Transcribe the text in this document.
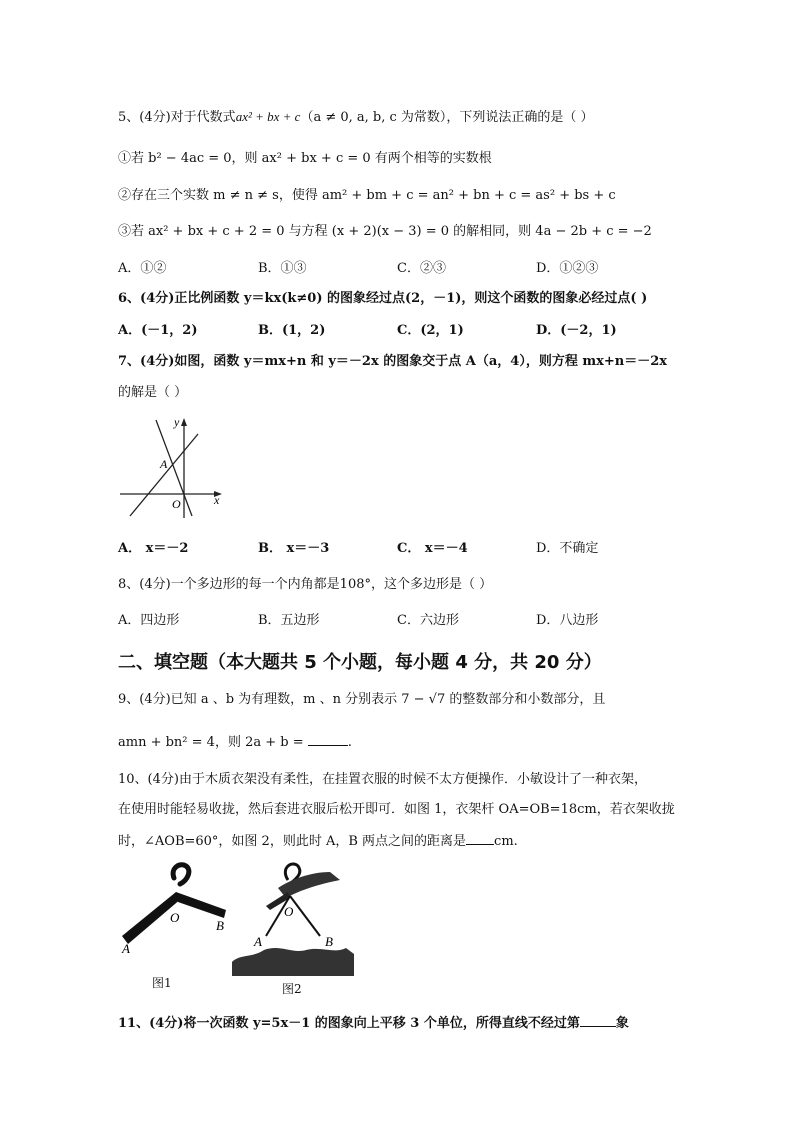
5、(4分)对于代数式ax² + bx + c（a ≠ 0, a, b, c 为常数），下列说法正确的是（ ）
①若 b² − 4ac = 0，则 ax² + bx + c = 0 有两个相等的实数根
②存在三个实数 m ≠ n ≠ s，使得 am² + bm + c = an² + bn + c = as² + bs + c
③若 ax² + bx + c + 2 = 0 与方程 (x + 2)(x − 3) = 0 的解相同，则 4a − 2b + c = −2
A．①②	B．①③	C．②③	D．①②③
6、(4分)正比例函数 y＝kx(k≠0) 的图象经过点(2，－1)，则这个函数的图象必经过点( )
A．(－1，2)	B．(1，2)	C．(2，1)	D．(－2，1)
7、(4分)如图，函数 y＝mx+n 和 y＝－2x 的图象交于点 A（a，4），则方程 mx+n＝－2x
的解是（ ）
y
x
O
A
A． x＝－2	B． x＝－3	C． x＝－4	D．不确定
8、(4分)一个多边形的每一个内角都是108°，这个多边形是（ ）
A．四边形	B．五边形	C．六边形	D．八边形
二、填空题（本大题共 5 个小题，每小题 4 分，共 20 分）
9、(4分)已知 a 、b 为有理数，m 、n 分别表示 7 − √7 的整数部分和小数部分，且
amn + bn² = 4，则 2a + b =	.
10、(4分)由于木质衣架没有柔性，在挂置衣服的时候不太方便操作．小敏设计了一种衣架，
在使用时能轻易收拢，然后套进衣服后松开即可．如图 1，衣架杆 OA=OB=18cm，若衣架收拢
时，∠AOB=60°，如图 2，则此时 A，B 两点之间的距离是 cm.
O
A
B
图1
O
A	B
图2
11、(4分)将一次函数 y=5x－1 的图象向上平移 3 个单位，所得直线不经过第	象
